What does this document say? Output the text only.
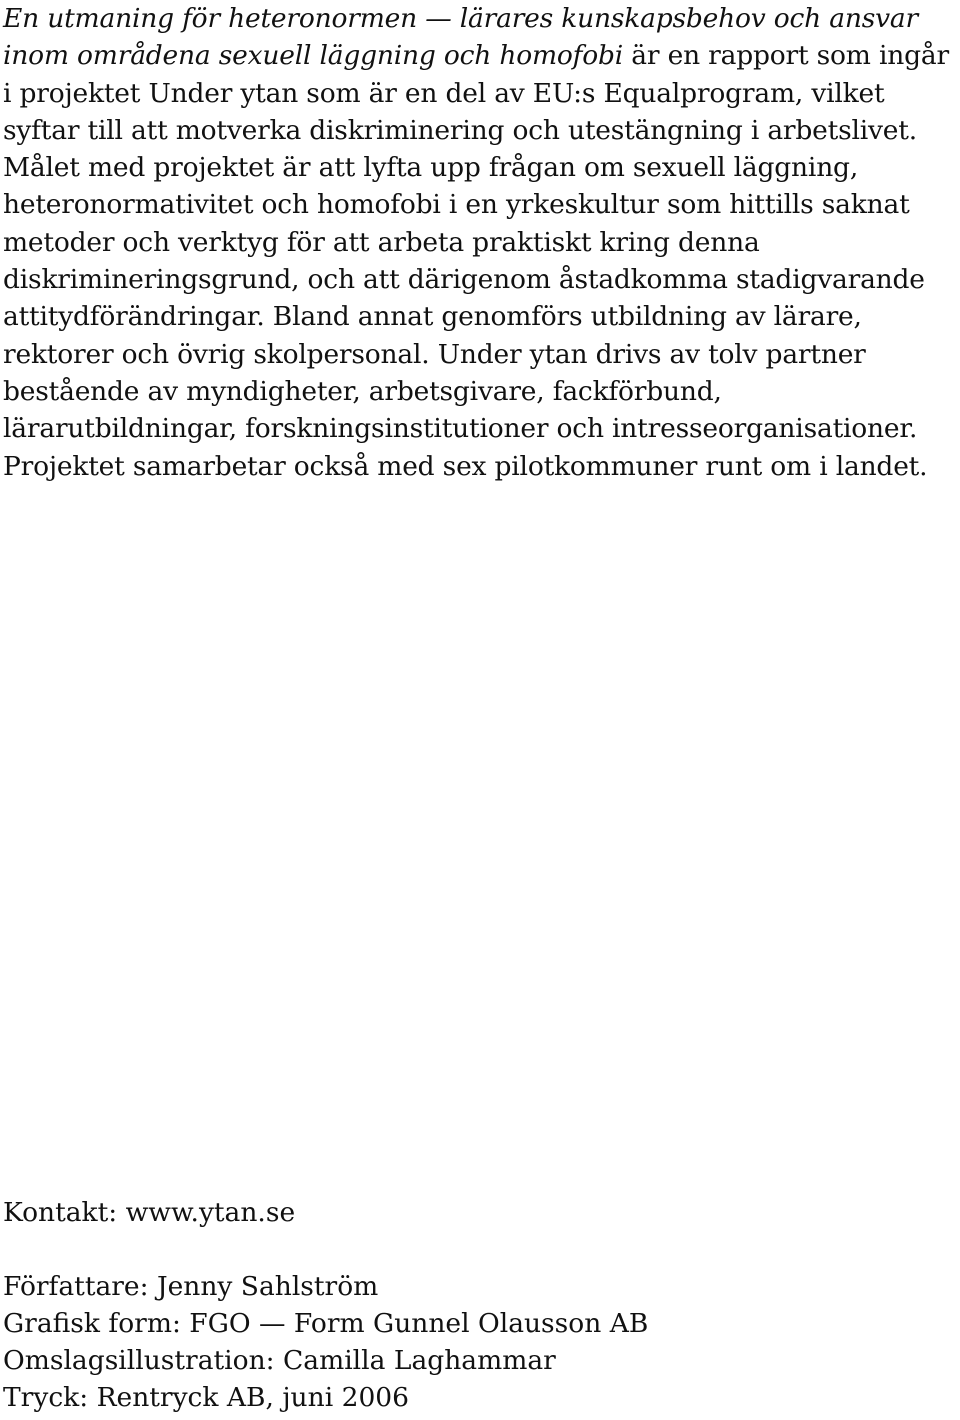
En utmaning för heteronormen — lärares kunskapsbehov och ansvar inom områdena sexuell läggning och homofobi är en rapport som ingår i projektet Under ytan som är en del av EU:s Equalprogram, vilket syftar till att motverka diskriminering och utestängning i arbetslivet. Målet med projektet är att lyfta upp frågan om sexuell läggning, heteronormativitet och homofobi i en yrkeskultur som hittills saknat metoder och verktyg för att arbeta praktiskt kring denna diskrimineringsgrund, och att därigenom åstadkomma stadigvarande attitydförändringar. Bland annat genomförs utbildning av lärare, rektorer och övrig skolpersonal. Under ytan drivs av tolv partner bestående av myndigheter, arbetsgivare, fackförbund, lärarutbildningar, forskningsinstitutioner och intresseorganisationer. Projektet samarbetar också med sex pilotkommuner runt om i landet.

Kontakt: www.ytan.se

Författare: Jenny Sahlström
Grafisk form: FGO — Form Gunnel Olausson AB
Omslagsillustration: Camilla Laghammar
Tryck: Rentryck AB, juni 2006
